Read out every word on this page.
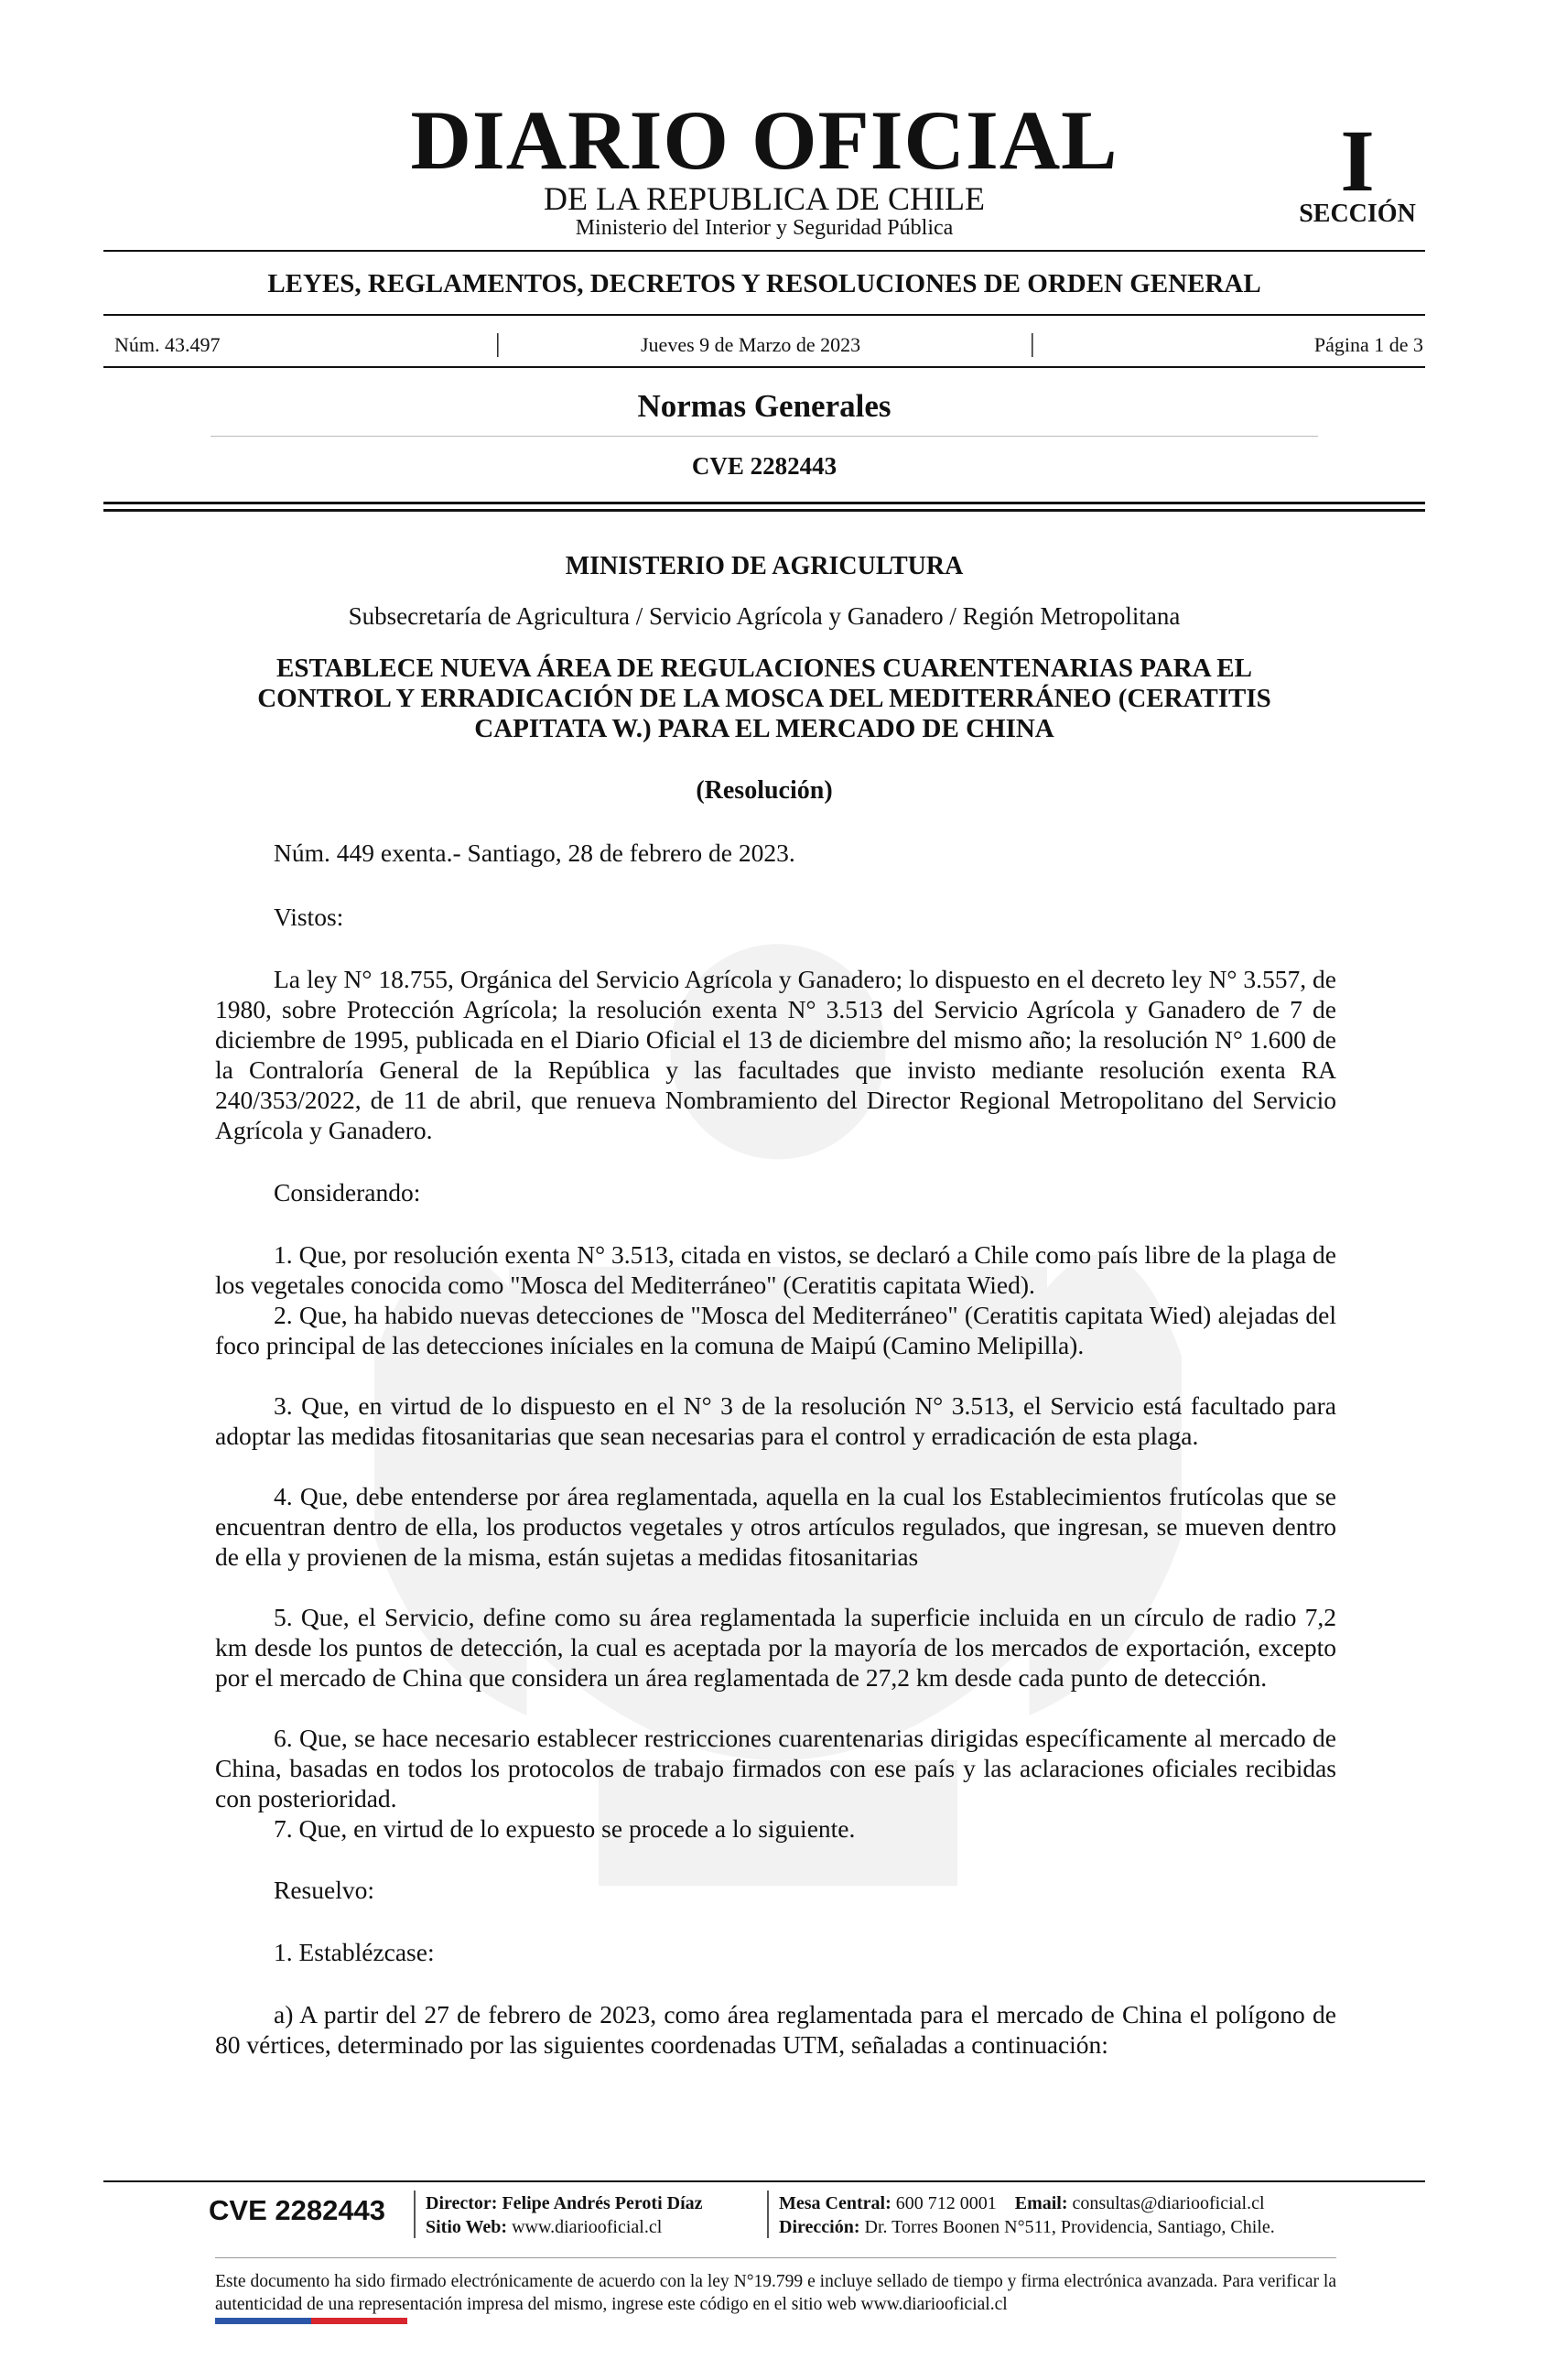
DIARIO OFICIAL
DE LA REPUBLICA DE CHILE
Ministerio del Interior y Seguridad Pública
I
SECCIÓN
LEYES, REGLAMENTOS, DECRETOS Y RESOLUCIONES DE ORDEN GENERAL
Núm. 43.497	|	Jueves 9 de Marzo de 2023	|	Página 1 de 3
Normas Generales
CVE 2282443
MINISTERIO DE AGRICULTURA
Subsecretaría de Agricultura / Servicio Agrícola y Ganadero / Región Metropolitana
ESTABLECE NUEVA ÁREA DE REGULACIONES CUARENTENARIAS PARA EL CONTROL Y ERRADICACIÓN DE LA MOSCA DEL MEDITERRÁNEO (CERATITIS CAPITATA W.) PARA EL MERCADO DE CHINA
(Resolución)

Núm. 449 exenta.- Santiago, 28 de febrero de 2023.

Vistos:

La ley N° 18.755, Orgánica del Servicio Agrícola y Ganadero; lo dispuesto en el decreto ley N° 3.557, de 1980, sobre Protección Agrícola; la resolución exenta N° 3.513 del Servicio Agrícola y Ganadero de 7 de diciembre de 1995, publicada en el Diario Oficial el 13 de diciembre del mismo año; la resolución N° 1.600 de la Contraloría General de la República y las facultades que invisto mediante resolución exenta RA 240/353/2022, de 11 de abril, que renueva Nombramiento del Director Regional Metropolitano del Servicio Agrícola y Ganadero.

Considerando:

1. Que, por resolución exenta N° 3.513, citada en vistos, se declaró a Chile como país libre de la plaga de los vegetales conocida como "Mosca del Mediterráneo" (Ceratitis capitata Wied).

2. Que, ha habido nuevas detecciones de "Mosca del Mediterráneo" (Ceratitis capitata Wied) alejadas del foco principal de las detecciones iníciales en la comuna de Maipú (Camino Melipilla).

3. Que, en virtud de lo dispuesto en el N° 3 de la resolución N° 3.513, el Servicio está facultado para adoptar las medidas fitosanitarias que sean necesarias para el control y erradicación de esta plaga.

4. Que, debe entenderse por área reglamentada, aquella en la cual los Establecimientos frutícolas que se encuentran dentro de ella, los productos vegetales y otros artículos regulados, que ingresan, se mueven dentro de ella y provienen de la misma, están sujetas a medidas fitosanitarias

5. Que, el Servicio, define como su área reglamentada la superficie incluida en un círculo de radio 7,2 km desde los puntos de detección, la cual es aceptada por la mayoría de los mercados de exportación, excepto por el mercado de China que considera un área reglamentada de 27,2 km desde cada punto de detección.

6. Que, se hace necesario establecer restricciones cuarentenarias dirigidas específicamente al mercado de China, basadas en todos los protocolos de trabajo firmados con ese país y las aclaraciones oficiales recibidas con posterioridad.

7. Que, en virtud de lo expuesto se procede a lo siguiente.

Resuelvo:

1. Establézcase:

a) A partir del 27 de febrero de 2023, como área reglamentada para el mercado de China el polígono de 80 vértices, determinado por las siguientes coordenadas UTM, señaladas a continuación:

CVE 2282443	Director: Felipe Andrés Peroti Díaz
Sitio Web: www.diariooficial.cl
Mesa Central: 600 712 0001 Email: consultas@diariooficial.cl
Dirección: Dr. Torres Boonen N°511, Providencia, Santiago, Chile.
Este documento ha sido firmado electrónicamente de acuerdo con la ley N°19.799 e incluye sellado de tiempo y firma electrónica avanzada. Para verificar la autenticidad de una representación impresa del mismo, ingrese este código en el sitio web www.diariooficial.cl
